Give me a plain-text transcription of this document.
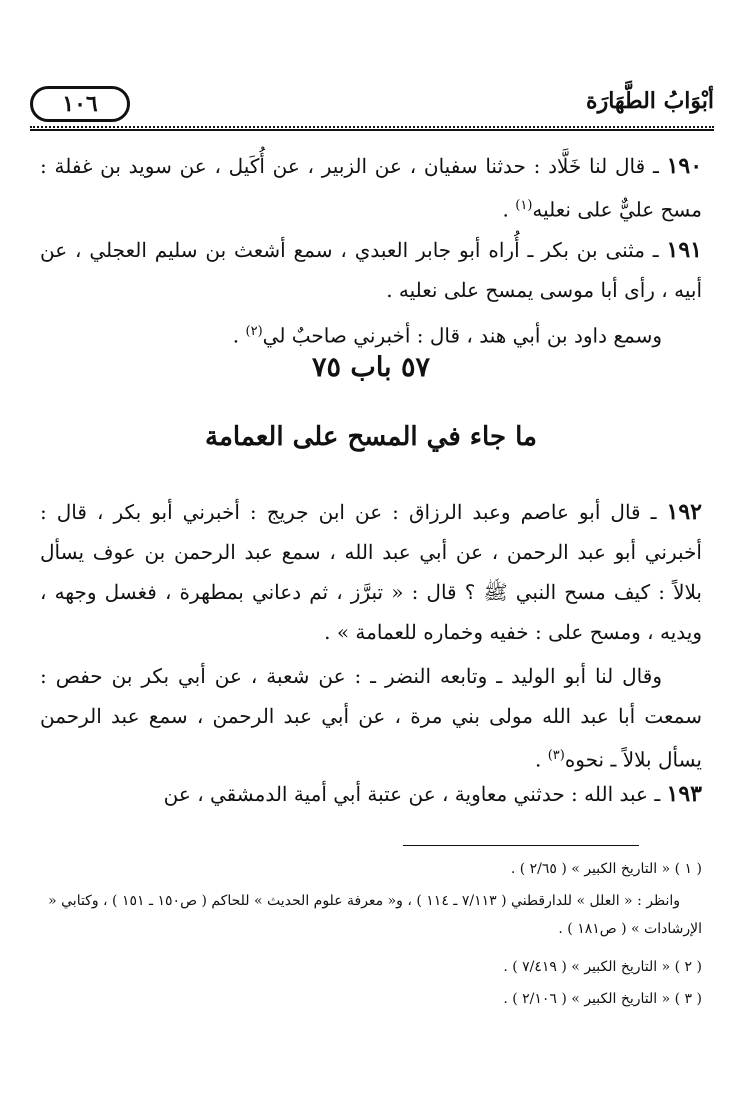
أبْوَابُ الطَّهَارَة
١٠٦
١٩٠ ـ قال لنا خَلَّاد : حدثنا سفيان ، عن الزبير ، عن أُكَيل ، عن سويد بن غفلة : مسح عليٌّ على نعليه$^{(١)}$ .
١٩١ ـ مثنى بن بكر ـ أُراه أبو جابر العبدي ، سمع أشعث بن سليم العجلي ، عن أبيه ، رأى أبا موسى يمسح على نعليه .
وسمع داود بن أبي هند ، قال : أخبرني صاحبٌ لي$^{(٢)}$ .
٥٧ باب ٧٥
ما جاء في المسح على العمامة
١٩٢ ـ قال أبو عاصم وعبد الرزاق : عن ابن جريج : أخبرني أبو بكر ، قال : أخبرني أبو عبد الرحمن ، عن أبي عبد الله ، سمع عبد الرحمن بن عوف يسأل بلالاً : كيف مسح النبي ﷺ ؟ قال : « تبرَّز ، ثم دعاني بمطهرة ، فغسل وجهه ، ويديه ، ومسح على : خفيه وخماره للعمامة » .
وقال لنا أبو الوليد ـ وتابعه النضر ـ : عن شعبة ، عن أبي بكر بن حفص : سمعت أبا عبد الله مولى بني مرة ، عن أبي عبد الرحمن ، سمع عبد الرحمن يسأل بلالاً ـ نحوه$^{(٣)}$ .
١٩٣ ـ عبد الله : حدثني معاوية ، عن عتبة أبي أمية الدمشقي ، عن
( ١ ) « التاريخ الكبير » ( ٢/٦٥ ) .
وانظر : « العلل » للدارقطني ( ٧/١١٣ ـ ١١٤ ) ، و« معرفة علوم الحديث » للحاكم ( ص١٥٠ ـ ١٥١ ) ، وكتابي « الإرشادات » ( ص١٨١ ) .
( ٢ ) « التاريخ الكبير » ( ٧/٤١٩ ) .
( ٣ ) « التاريخ الكبير » ( ٢/١٠٦ ) .
